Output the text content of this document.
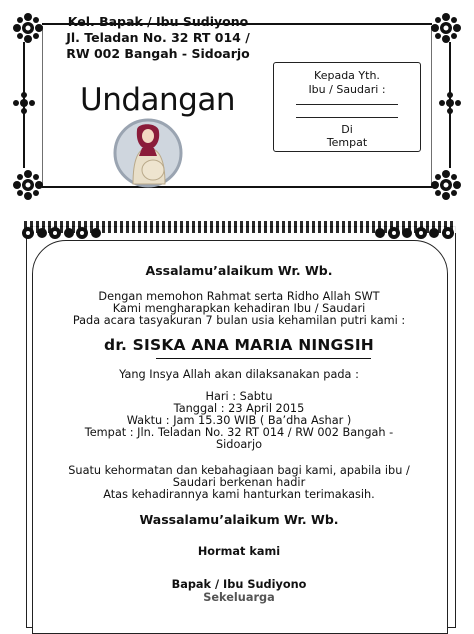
Kel. Bapak / Ibu Sudiyono
Jl. Teladan No. 32 RT 014 /
RW 002 Bangah - Sidoarjo
Undangan
Kepada Yth.
Ibu / Saudari :
Di
Tempat
Assalamu’alaikum Wr. Wb.
Dengan memohon Rahmat serta Ridho Allah SWT
Kami mengharapkan kehadiran Ibu / Saudari
Pada acara tasyakuran 7 bulan usia kehamilan putri kami :
dr. SISKA ANA MARIA NINGSIH
Yang Insya Allah akan dilaksanakan pada :
Hari : Sabtu
Tanggal : 23 April 2015
Waktu : Jam 15.30 WIB ( Ba’dha Ashar )
Tempat : Jln. Teladan No. 32 RT 014 / RW 002 Bangah -
Sidoarjo
Suatu kehormatan dan kebahagiaan bagi kami, apabila ibu /
Saudari berkenan hadir
Atas kehadirannya kami hanturkan terimakasih.
Wassalamu’alaikum Wr. Wb.
Hormat kami
Bapak / Ibu Sudiyono
Sekeluarga
